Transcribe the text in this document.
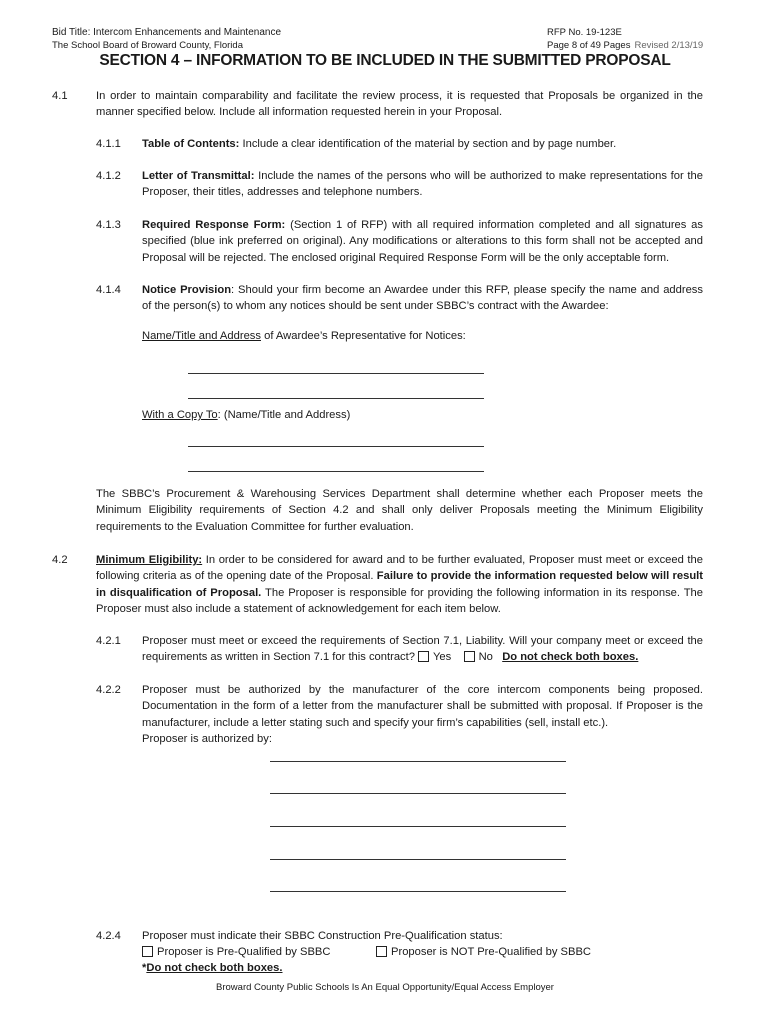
Bid Title: Intercom Enhancements and Maintenance
The School Board of Broward County, Florida
RFP No. 19-123E
Page 8 of 49 Pages Revised 2/13/19
SECTION 4 – INFORMATION TO BE INCLUDED IN THE SUBMITTED PROPOSAL
4.1	In order to maintain comparability and facilitate the review process, it is requested that Proposals be organized in the manner specified below. Include all information requested herein in your Proposal.
4.1.1 Table of Contents: Include a clear identification of the material by section and by page number.
4.1.2 Letter of Transmittal: Include the names of the persons who will be authorized to make representations for the Proposer, their titles, addresses and telephone numbers.
4.1.3 Required Response Form: (Section 1 of RFP) with all required information completed and all signatures as specified (blue ink preferred on original). Any modifications or alterations to this form shall not be accepted and Proposal will be rejected. The enclosed original Required Response Form will be the only acceptable form.
4.1.4 Notice Provision: Should your firm become an Awardee under this RFP, please specify the name and address of the person(s) to whom any notices should be sent under SBBC’s contract with the Awardee:
Name/Title and Address of Awardee’s Representative for Notices:
With a Copy To: (Name/Title and Address)
The SBBC’s Procurement & Warehousing Services Department shall determine whether each Proposer meets the Minimum Eligibility requirements of Section 4.2 and shall only deliver Proposals meeting the Minimum Eligibility requirements to the Evaluation Committee for further evaluation.
4.2	Minimum Eligibility: In order to be considered for award and to be further evaluated, Proposer must meet or exceed the following criteria as of the opening date of the Proposal. Failure to provide the information requested below will result in disqualification of Proposal. The Proposer is responsible for providing the following information in its response. The Proposer must also include a statement of acknowledgement for each item below.
4.2.1 Proposer must meet or exceed the requirements of Section 7.1, Liability. Will your company meet or exceed the requirements as written in Section 7.1 for this contract? Yes No Do not check both boxes.
4.2.2 Proposer must be authorized by the manufacturer of the core intercom components being proposed. Documentation in the form of a letter from the manufacturer shall be submitted with proposal. If Proposer is the manufacturer, include a letter stating such and specify your firm’s capabilities (sell, install etc.).
Proposer is authorized by:
4.2.4 Proposer must indicate their SBBC Construction Pre-Qualification status:
Proposer is Pre-Qualified by SBBC	Proposer is NOT Pre-Qualified by SBBC
*Do not check both boxes.
Broward County Public Schools Is An Equal Opportunity/Equal Access Employer
